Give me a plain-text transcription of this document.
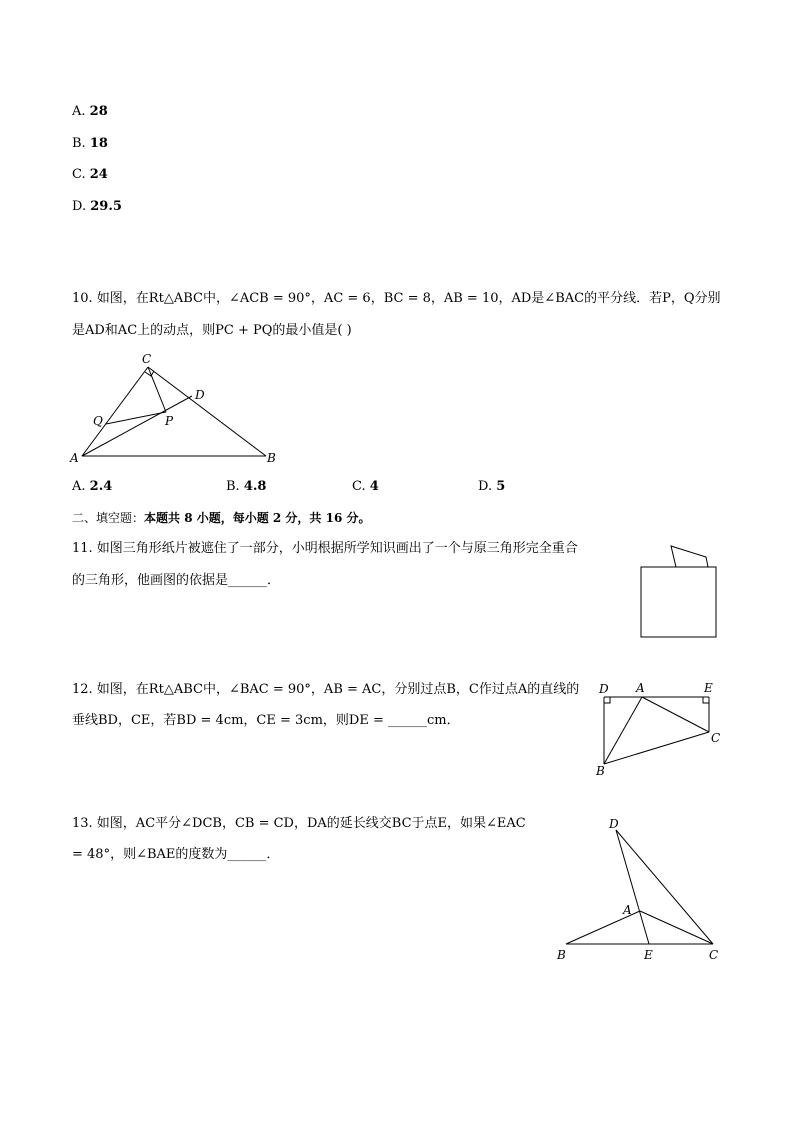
A. 28
B. 18
C. 24
D. 29.5
10. 如图，在Rt△ABC中，∠ACB = 90°，AC = 6，BC = 8，AB = 10，AD是∠BAC的平分线．若P，Q分别
是AD和AC上的动点，则PC + PQ的最小值是( )
C
D
Q	P
A	B
A. 2.4	B. 4.8	C. 4	D. 5
二、填空题：本题共 8 小题，每小题 2 分，共 16 分。
11. 如图三角形纸片被遮住了一部分，小明根据所学知识画出了一个与原三角形完全重合
的三角形，他画图的依据是______．
12. 如图，在Rt△ABC中，∠BAC = 90°，AB = AC，分别过点B，C作过点A的直线的
垂线BD，CE，若BD = 4cm，CE = 3cm，则DE = ______cm．
D A	E
C
B
13. 如图，AC平分∠DCB，CB = CD，DA的延长线交BC于点E，如果∠EAC
= 48°，则∠BAE的度数为______．
D
A
B	E	C
